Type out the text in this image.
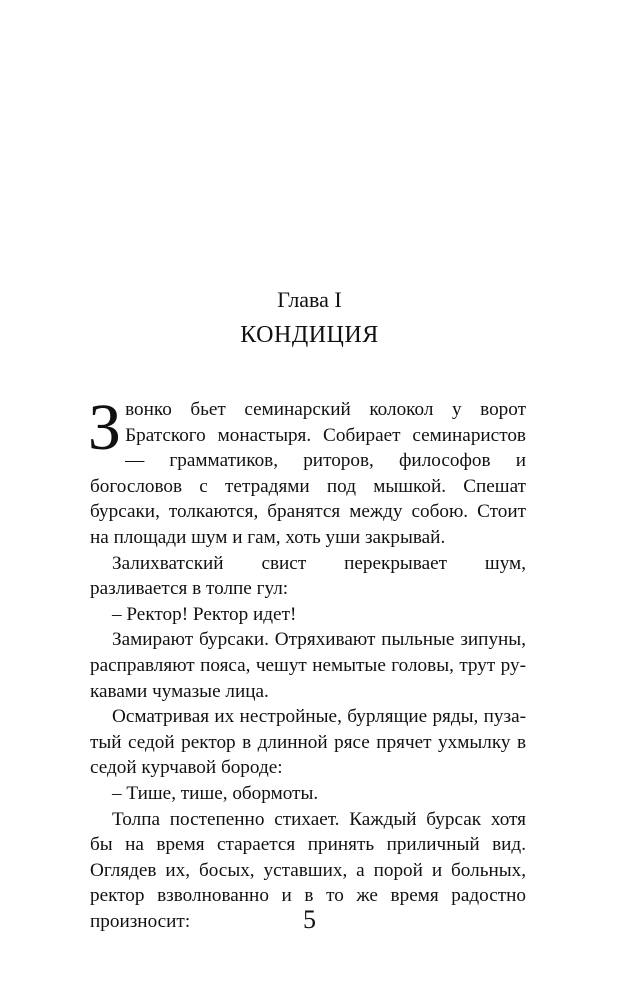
Глава I
КОНДИЦИЯ

Звонко бьет семинарский колокол у ворот Братского монастыря. Собирает семинаристов — грамматиков, риторов, философов и богословов с тетрадями под мышкой. Спешат бурсаки, толкаются, бранятся между собою. Стоит на площади шум и гам, хоть уши закрывай.

Залихватский свист перекрывает шум, разливается в толпе гул:

– Ректор! Ректор идет!

Замирают бурсаки. Отряхивают пыльные зипуны, расправляют пояса, чешут немытые головы, трут рукавами чумазые лица.

Осматривая их нестройные, бурлящие ряды, пузатый седой ректор в длинной рясе прячет ухмылку в седой курчавой бороде:

– Тише, тише, обормоты.

Толпа постепенно стихает. Каждый бурсак хотя бы на время старается принять приличный вид. Оглядев их, босых, уставших, а порой и больных, ректор взволнованно и в то же время радостно произносит:	5
